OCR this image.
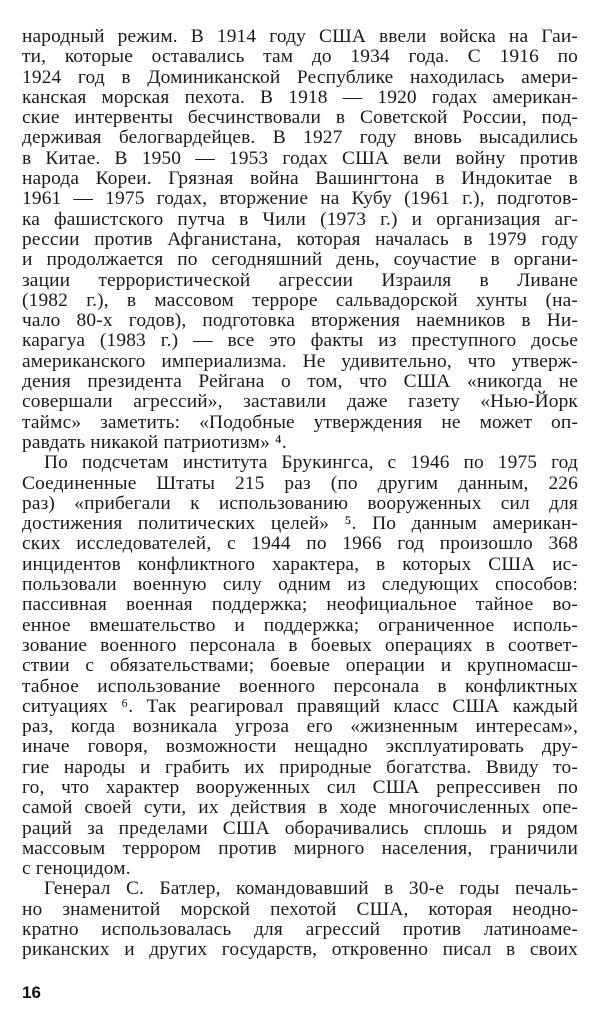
народный режим. В 1914 году США ввели войска на Гаи-
ти, которые оставались там до 1934 года. С 1916 по
1924 год в Доминиканской Республике находилась амери-
канская морская пехота. В 1918 — 1920 годах американ-
ские интервенты бесчинствовали в Советской России, под-
держивая белогвардейцев. В 1927 году вновь высадились
в Китае. В 1950 — 1953 годах США вели войну против
народа Кореи. Грязная война Вашингтона в Индокитае в
1961 — 1975 годах, вторжение на Кубу (1961 г.), подготов-
ка фашистского путча в Чили (1973 г.) и организация аг-
рессии против Афганистана, которая началась в 1979 году
и продолжается по сегодняшний день, соучастие в органи-
зации террористической агрессии Израиля в Ливане
(1982 г.), в массовом терроре сальвадорской хунты (на-
чало 80-х годов), подготовка вторжения наемников в Ни-
карагуа (1983 г.) — все это факты из преступного досье
американского империализма. Не удивительно, что утверж-
дения президента Рейгана о том, что США «никогда не
совершали агрессий», заставили даже газету «Нью-Йорк
таймс» заметить: «Подобные утверждения не может оп-
равдать никакой патриотизм» ⁴.
По подсчетам института Брукингса, с 1946 по 1975 год
Соединенные Штаты 215 раз (по другим данным, 226
раз) «прибегали к использованию вооруженных сил для
достижения политических целей» ⁵. По данным американ-
ских исследователей, с 1944 по 1966 год произошло 368
инцидентов конфликтного характера, в которых США ис-
пользовали военную силу одним из следующих способов:
пассивная военная поддержка; неофициальное тайное во-
енное вмешательство и поддержка; ограниченное исполь-
зование военного персонала в боевых операциях в соответ-
ствии с обязательствами; боевые операции и крупномасш-
табное использование военного персонала в конфликтных
ситуациях ⁶. Так реагировал правящий класс США каждый
раз, когда возникала угроза его «жизненным интересам»,
иначе говоря, возможности нещадно эксплуатировать дру-
гие народы и грабить их природные богатства. Ввиду то-
го, что характер вооруженных сил США репрессивен по
самой своей сути, их действия в ходе многочисленных опе-
раций за пределами США оборачивались сплошь и рядом
массовым террором против мирного населения, граничили
с геноцидом.
Генерал С. Батлер, командовавший в 30-е годы печаль-
но знаменитой морской пехотой США, которая неодно-
кратно использовалась для агрессий против латиноаме-
риканских и других государств, откровенно писал в своих
16
